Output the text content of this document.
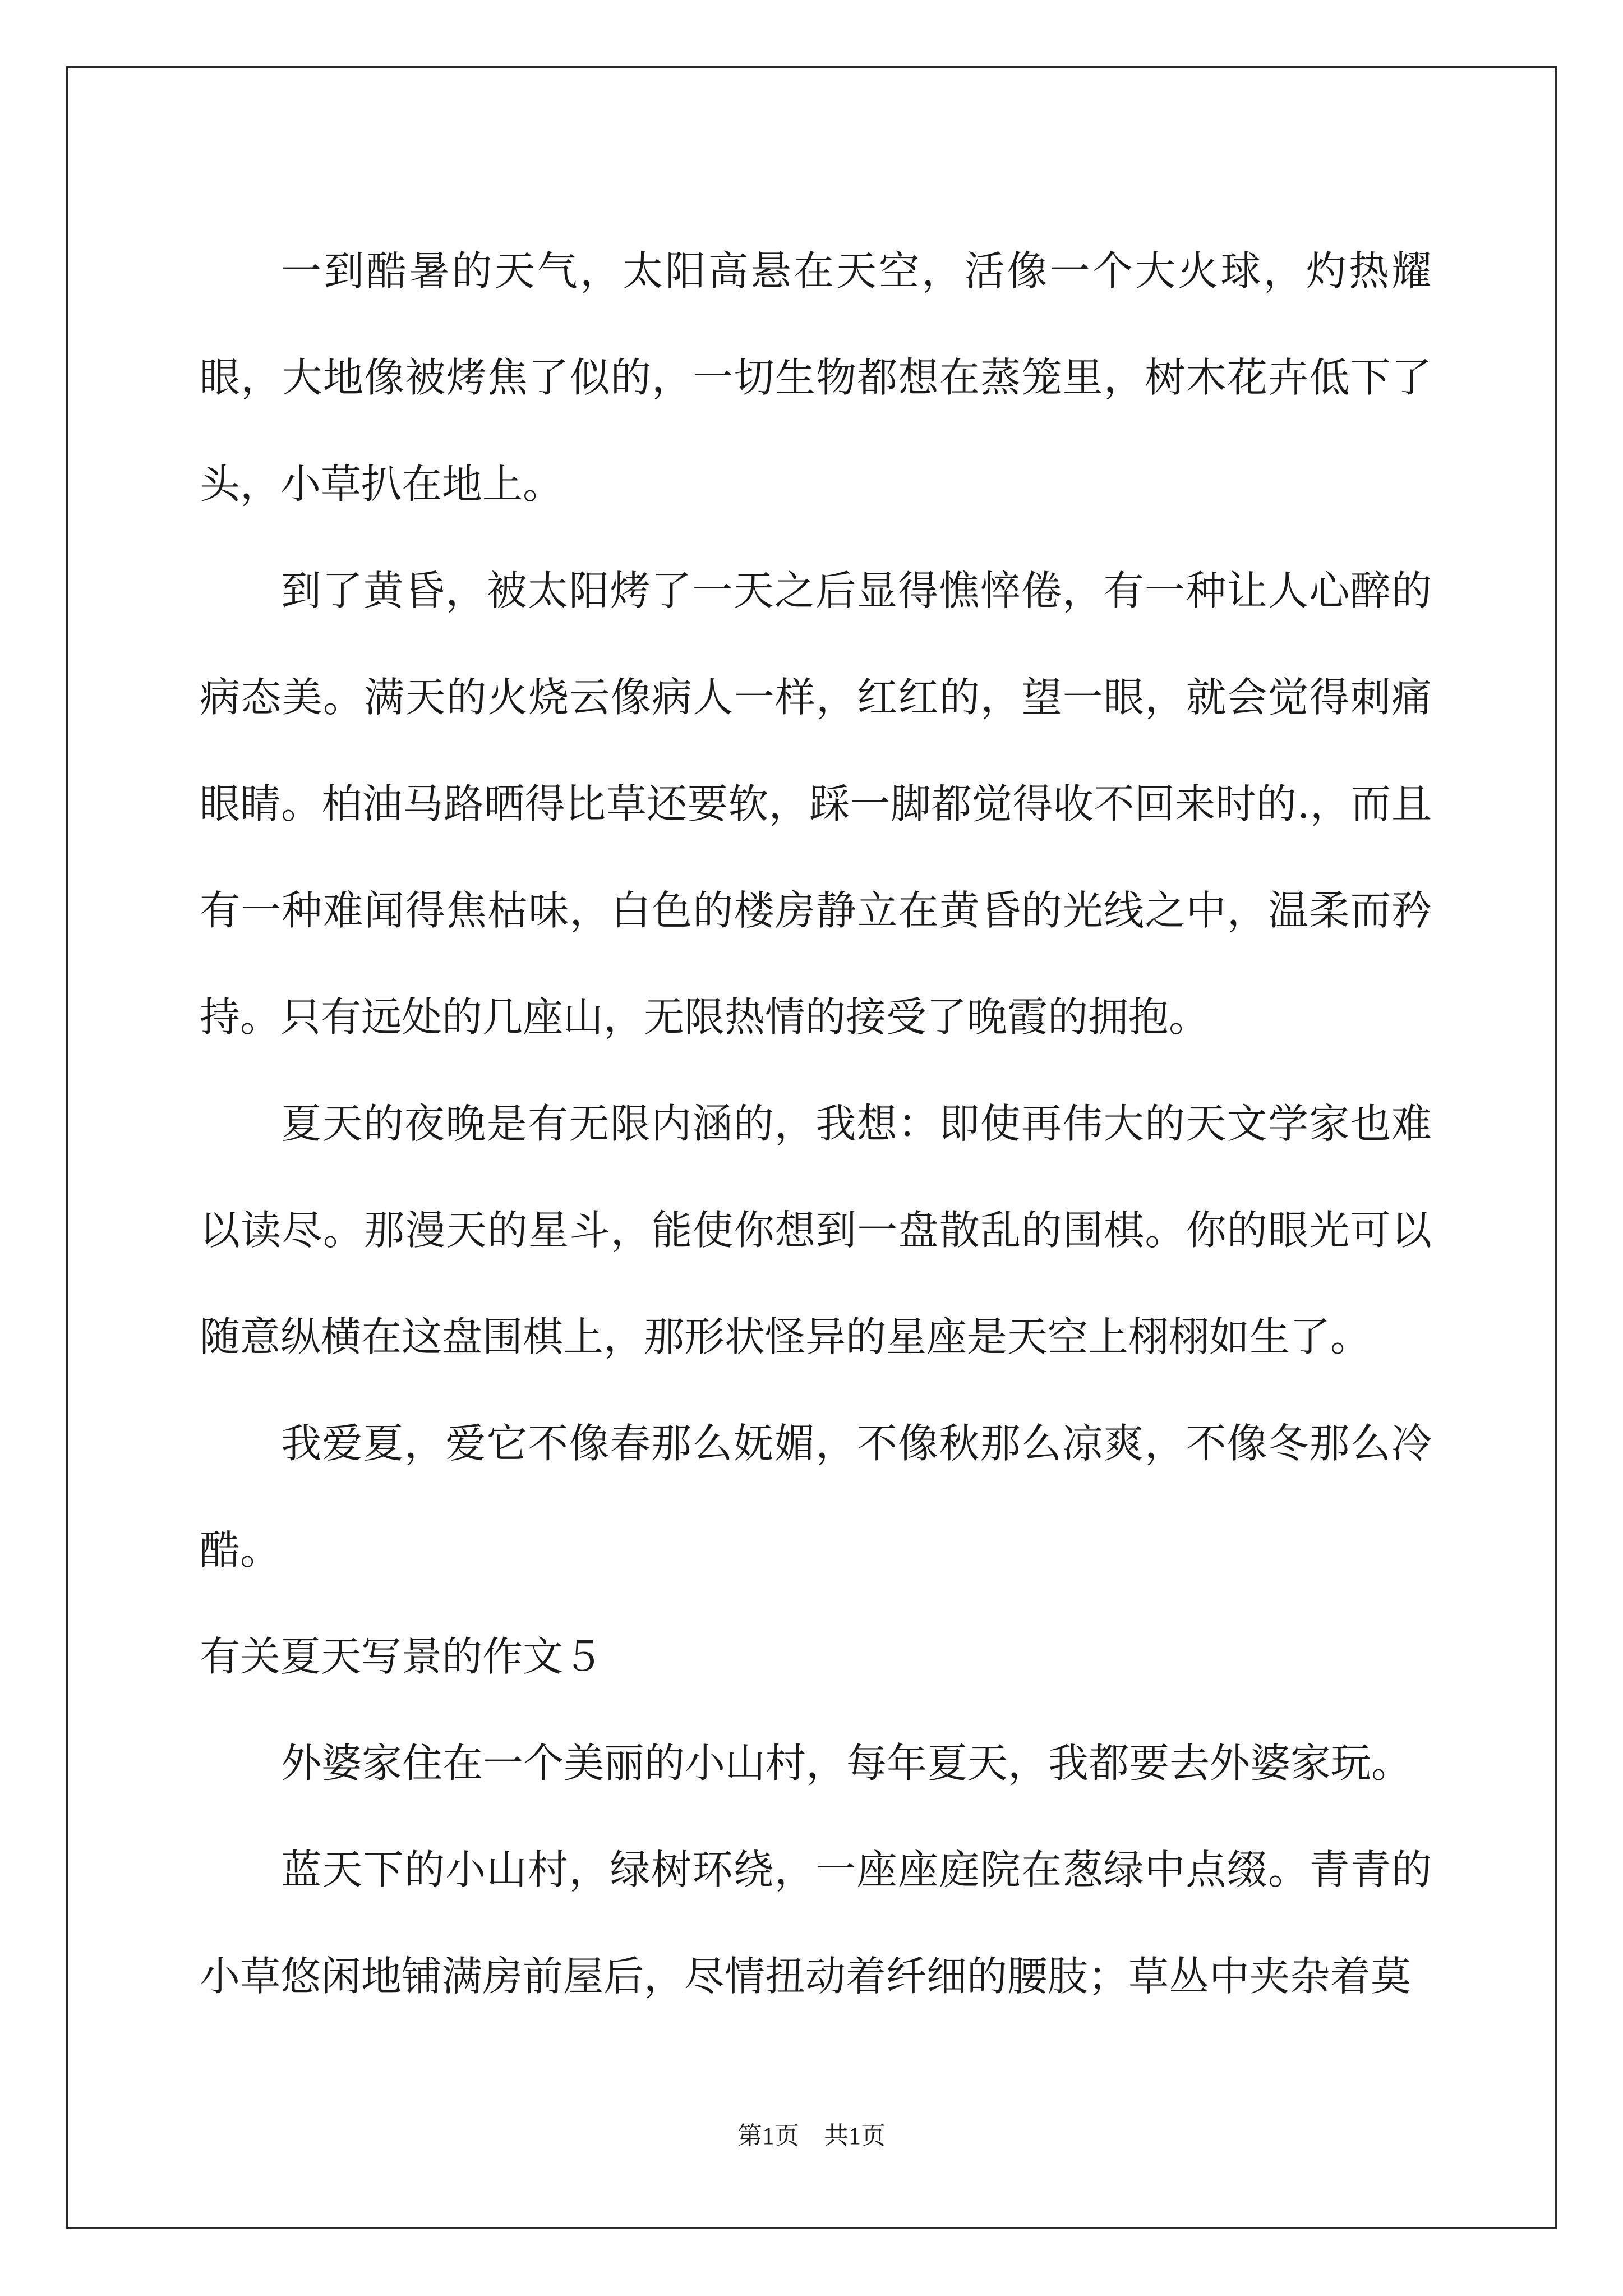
一到酷暑的天气，太阳高悬在天空，活像一个大火球，灼热耀眼，大地像被烤焦了似的，一切生物都想在蒸笼里，树木花卉低下了头，小草扒在地上。

到了黄昏，被太阳烤了一天之后显得憔悴倦，有一种让人心醉的病态美。满天的火烧云像病人一样，红红的，望一眼，就会觉得刺痛眼睛。柏油马路晒得比草还要软，踩一脚都觉得收不回来时的.，而且有一种难闻得焦枯味，白色的楼房静立在黄昏的光线之中，温柔而矜持。只有远处的几座山，无限热情的接受了晚霞的拥抱。

夏天的夜晚是有无限内涵的，我想：即使再伟大的天文学家也难以读尽。那漫天的星斗，能使你想到一盘散乱的围棋。你的眼光可以随意纵横在这盘围棋上，那形状怪异的星座是天空上栩栩如生了。

我爱夏，爱它不像春那么妩媚，不像秋那么凉爽，不像冬那么冷酷。

有关夏天写景的作文５

外婆家住在一个美丽的小山村，每年夏天，我都要去外婆家玩。

蓝天下的小山村，绿树环绕，一座座庭院在葱绿中点缀。青青的小草悠闲地铺满房前屋后，尽情扭动着纤细的腰肢；草丛中夹杂着莫

第1页　共1页
